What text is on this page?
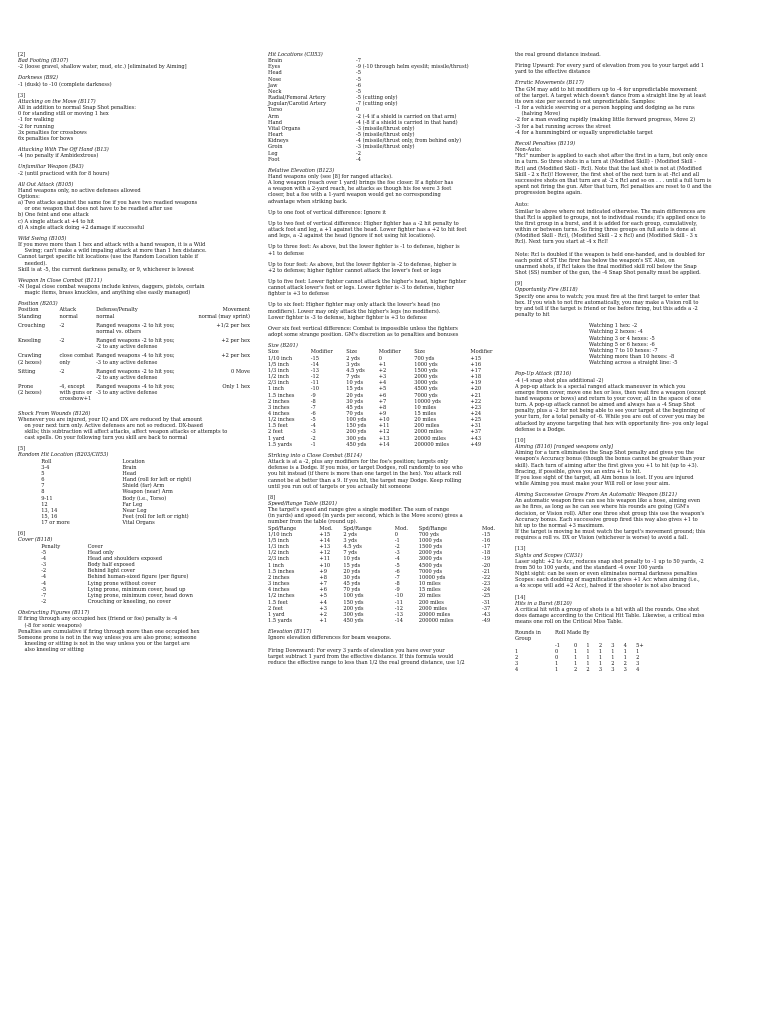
[2]
Bad Footing (B107)
-2 (loose gravel, shallow water, mud, etc.) [eliminated by Aiming]
Darkness (B92)
-1 (dusk) to -10 (complete darkness)
[3]
Attacking on the Move (B117)
All in addition to normal Snap Shot penalties:
0 for standing still or moving 1 hex
-1 for walking
-2 for running
3x penalties for crossbows
6x penalties for bows
Attacking With The Off Hand (B13)
-4 (no penalty if Ambidextrous)
Unfamiliar Weapon (B43)
-2 (until practiced with for 8 hours)
All Out Attack (B105)
Hand weapons only, no active defenses allowed
Options:
a) Two attacks against the same foe if you have two readied weapons
or one weapon that does not have to be readied after use
b) One feint and one attack
c) A single attack at +4 to hit
d) A single attack doing +2 damage if successful
Wild Swing (B105)
If you move more than 1 hex and attack with a hand weapon, it is a Wild
Swing; can't make a wild impaling attack at more than 1 hex distance.
Cannot target specific hit locations (use the Random Location table if
needed).
Skill is at -5, the current darkness penalty, or 9, whichever is lowest
Weapon In Close Combat (B111)
-N (legal close combat weapons include knives, daggers, pistols, certain
magic items, brass knuckles, and anything else easily managed)
Position (B203)
Position	Attack	Defense/Penalty	Movement
Standing	normal	normal	normal (may sprint)
Crouching	-2	Ranged weapons -2 to hit you;
normal vs. others	+1/2 per hex
Kneeling	-2	Ranged weapons -2 to hit you;
-2 to any active defense	+2 per hex
Crawling
(2 hexes)	close combat
only	Ranged weapons -4 to hit you;
-3 to any active defense	+2 per hex
Sitting	-2	Ranged weapons -2 to hit you;
-2 to any active defense	0 Move
Prone
(2 hexes)	-4, except
with guns or
crossbow+1	Ranged weapons -4 to hit you;
-3 to any active defense	Only 1 hex
Shock From Wounds (B126)
Whenever you are injured, your IQ and DX are reduced by that amount
on your next turn only. Active defenses are not so reduced. DX-based
skills; this subtraction will affect attacks, affect weapon attacks or attempts to
cast spells. On your following turn you skill are back to normal
[5]
Random Hit Location (B203/CII53)
	Roll	Location
	3-4	Brain
	5	Head
	6	Hand (roll for left or right)
	7	Shield (far) Arm
	8	Weapon (near) Arm
	9-11	Body (i.e., Torso)
	12	Far Leg
	13, 14	Near Leg
	15, 16	Feet (roll for left or right)
	17 or more	Vital Organs
[6]
Cover (B118)
	Penalty	Cover
	-5	Head only
	-4	Head and shoulders exposed
	-3	Body half exposed
	-2	Behind light cover
	-4	Behind human-sized figure (per figure)
	-4	Lying prone without cover
	-5	Lying prone, minimum cover, head up
	-7	Lying prone, minimum cover, head down
	-2	Crouching or kneeling, no cover
Obstructing Figures (B117)
If firing through any occupied hex (friend or foe) penalty is -4
(-8 for sonic weapons)
Penalties are cumulative if firing through more than one occupied hex
Someone prone is not in the way unless you are also prone; someone
kneeling or sitting is not in the way unless you or the target are
also kneeling or sitting
Hit Locations (CII53)
Brain	-7
Eyes	-9 (-10 through helm eyeslit; missile/thrust)
Head	-5
Nose	-5
Jaw	-6
Neck	-5
Radial/Femoral Artery	-5 (cutting only)
Jugular/Carotid Artery	-7 (cutting only)
Torso	0
Arm	-2 (-4 if a shield is carried on that arm)
Hand	-4 (-8 if a shield is carried in that hand)
Vital Organs	-3 (missile/thrust only)
Heart	-5 (missile/thrust only)
Kidneys	-4 (missile/thrust only, from behind only)
Groin	-3 (missile/thrust only)
Leg	-2
Foot	-4
Relative Elevation (B123)
Hand weapons only (see [8] for ranged attacks).
A long weapon (reach over 1 yard) brings the foe closer. If a fighter has
a weapon with a 2-yard reach, he attacks as though his foe were 3 feet
closer, but a foe with a 1-yard weapon would get no corresponding
advantage when striking back.
Up to one foot of vertical difference: Ignore it
Up to two feet of vertical difference: Higher fighter has a -2 hit penalty to
attack foot and leg, a +1 against the head. Lower fighter has a +2 to hit feet
and legs, a -2 against the head (ignore if not using hit locations).
Up to three feet: As above, but the lower fighter is -1 to defense, higher is
+1 to defense
Up to four feet: As above, but the lower fighter is -2 to defense, higher is
+2 to defense; higher fighter cannot attack the lower's feet or legs
Up to five feet: Lower fighter cannot attack the higher's head, higher fighter
cannot attack lower's feet or legs. Lower fighter is -3 to defense, higher
fighter is +3 to defense
Up to six feet: Higher fighter may only attack the lower's head (no
modifiers). Lower may only attack the higher's legs (no modifiers).
Lower fighter is -3 to defense, higher fighter is +3 to defense
Over six feet vertical difference: Combat is impossible unless the fighters
adopt some strange position. GM's discretion as to penalties and bonuses
Size (B201)
Size	Modifier	Size	Modifier	Size	Modifier
1/10 inch	-15	2 yds	0	700 yds	+15
1/5 inch	-14	3 yds	+1	1000 yds	+16
1/3 inch	-13	4.5 yds	+2	1500 yds	+17
1/2 inch	-12	7 yds	+3	2000 yds	+18
2/3 inch	-11	10 yds	+4	3000 yds	+19
1 inch	-10	15 yds	+5	4500 yds	+20
1.5 inches	-9	20 yds	+6	7000 yds	+21
2 inches	-8	30 yds	+7	10000 yds	+22
3 inches	-7	45 yds	+8	10 miles	+23
4 inches	-6	70 yds	+9	15 miles	+24
1/2 inches	-5	100 yds	+10	20 miles	+25
1.5 feet	-4	150 yds	+11	200 miles	+31
2 feet	-3	200 yds	+12	2000 miles	+37
1 yard	-2	300 yds	+13	20000 miles	+43
1.5 yards	-1	450 yds	+14	200000 miles	+49
Striking into a Close Combat (B114)
Attack is at a -2, plus any modifiers for the foe's position; targets only
defense is a Dodge. If you miss, or target Dodges, roll randomly to see who
you hit instead (if there is more than one target in the hex). You attack roll
cannot be at better than a 9. If you hit, the target may Dodge. Keep rolling
until you run out of targets or you actually hit someone
[8]
Speed/Range Table (B201)
The target's speed and range give a single modifier. The sum of range
(in yards) and speed (in yards per second, which is the Move score) gives a
number from the table (round up).
Spd/Range	Mod.	Spd/Range	Mod.	Spd/Range	Mod.
1/10 inch	+15	2 yds	0	700 yds	-15
1/5 inch	+14	3 yds	-1	1000 yds	-16
1/3 inch	+13	4.5 yds	-2	1500 yds	-17
1/2 inch	+12	7 yds	-3	2000 yds	-18
2/3 inch	+11	10 yds	-4	3000 yds	-19
1 inch	+10	15 yds	-5	4500 yds	-20
1.5 inches	+9	20 yds	-6	7000 yds	-21
2 inches	+8	30 yds	-7	10000 yds	-22
3 inches	+7	45 yds	-8	10 miles	-23
4 inches	+6	70 yds	-9	15 miles	-24
1/2 inches	+5	100 yds	-10	20 miles	-25
1.5 feet	+4	150 yds	-11	200 miles	-31
2 feet	+3	200 yds	-12	2000 miles	-37
1 yard	+2	300 yds	-13	20000 miles	-43
1.5 yards	+1	450 yds	-14	200000 miles	-49
Elevation (B117)
Ignore elevation differences for beam weapons.

Firing Downward: For every 3 yards of elevation you have over your
target subtract 1 yard from the effective distance. If this formula would
reduce the effective range to less than 1/2 the real ground distance, use 1/2
the real ground distance instead.
Firing Upward: For every yard of elevation from you to your target add 1
yard to the effective distance
Erratic Movements (B117)
The GM may add to hit modifiers up to -4 for unpredictable movement
of the target. A target which doesn't dance from a straight line by at least
its own size per second is not unpredictable. Samples:
-1 for a vehicle swerving or a person hopping and dodging as he runs
(halving Move)
-2 for a man evading rapidly (making little forward progress, Move 2)
-3 for a bat running across the street
-4 for a hummingbird or equally unpredictable target
Recoil Penalties (B119)
Non-Auto:
"Rcl" number is applied to each shot after the first in a turn, but only once
in a turn. So three shots in a turn at (Modified Skill) - (Modified Skill -
Rcl) and (Modified Skill - Rcl). Note that the last shot is not at (Modified
Skill - 2 x Rcl)! However, the first shot of the next turn is at -Rcl and all
successive shots on that turn are at -2 x Rcl and so on . . . until a full turn is
spent not firing the gun. After that turn, Rcl penalties are reset to 0 and the
progression begins again.

Auto:
Similar to above where not indicated otherwise. The main differences are
that Rcl is applied to groups, not to individual rounds; it's applied once to
the first group in a burst, and it is added for each group, cumulatively,
within or between turns. So firing three groups on full auto is done at
(Modified Skill - Rcl), (Modified Skill - 2 x Rcl) and (Modified Skill - 3 x
Rcl). Next turn you start at -4 x Rcl!

Note: Rcl is doubled if the weapon is held one-handed, and is doubled for
each point of ST the firer has below the weapon's ST. Also, on
unarmed shots, if Rcl takes the final modified skill roll below the Snap
Shot (SS) number of the gun, the -4 Snap Shot penalty must be applied.
[9]
Opportunity Fire (B118)
Specify one area to watch; you must fire at the first target to enter that
hex. If you wish to not fire automatically, you may make a Vision roll to
try and tell if the target is friend or foe before firing, but this adds a -2
penalty to hit
Watching 1 hex: -2
Watching 2 hexes: -4
Watching 3 or 4 hexes: -5
Watching 5 or 6 hexes: -6
Watching 7 to 10 hexes: -7
Watching more than 10 hexes: -8
Watching across a straight line: -5
Pop-Up Attack (B116)
-4 (-4 snap shot plus additional -2)
A pop-up attack is a special ranged attack maneuver in which you
emerge from cover, move one hex or less, then wait fire a weapon (except
hand weapons or bows) and return to your cover, all in the space of one
turn. A pop-up attack cannot be aimed and always has a -4 Snap Shot
penalty, plus a -2 for not being able to see your target at the beginning of
your turn, for a total penalty of -6. While you are out of cover you may be
attacked by anyone targeting that hex with opportunity fire- you only legal
defense is a Dodge.
[10]
Aiming (B116) [ranged weapons only]
Aiming for a turn eliminates the Snap Shot penalty and gives you the
weapon's Accuracy bonus (though the bonus cannot be greater than your
skill). Each turn of aiming after the first gives you +1 to hit (up to +3).
Bracing, if possible, gives you an extra +1 to hit.
If you lose sight of the target, all Aim bonus is lost. If you are injured
while Aiming you must make your Will roll or lose your aim.
Aiming Successive Groups From An Automatic Weapon (B121)
An automatic weapon fires can use his weapon like a hose, aiming even
as he fires, as long as he can see where his rounds are going (GM's
decision, or Vision roll). After one three shot group this use the weapon's
Accuracy bonus. Each successive group fired this way also gives +1 to
hit up to the normal +3 maximum.
If the target is moving he must watch the target's movement ground; this
requires a roll vs. DX or Vision (whichever is worse) to avoid a fall.
[13]
Sights and Scopes (CII31)
Laser sight: +2 to Acc, reduces snap shot penalty to -1 up to 50 yards, -2
from 50 to 100 yards, and the standard -4 over 100 yards
Night sight: can be seen or even eliminates normal darkness penalties
Scopes: each doubling of magnification gives +1 Acc when aiming (i.e.,
a 4x scope will add +2 Acc), halved if the shooter is not also braced
[14]
Hits in a Burst (B120)
A critical hit with a group of shots is a hit with all the rounds. One shot
does damage according to the Critical Hit Table. Likewise, a critical miss
means one roll on the Critical Miss Table.
Rounds in
Group	Roll Made By						
	-1	0	1	2	3	4	5+
1	0	1	1	1	1	1	1
2	0	1	1	1	1	1	2
3	1	1	1	1	2	2	3
4	1	2	2	3	3	3	4
